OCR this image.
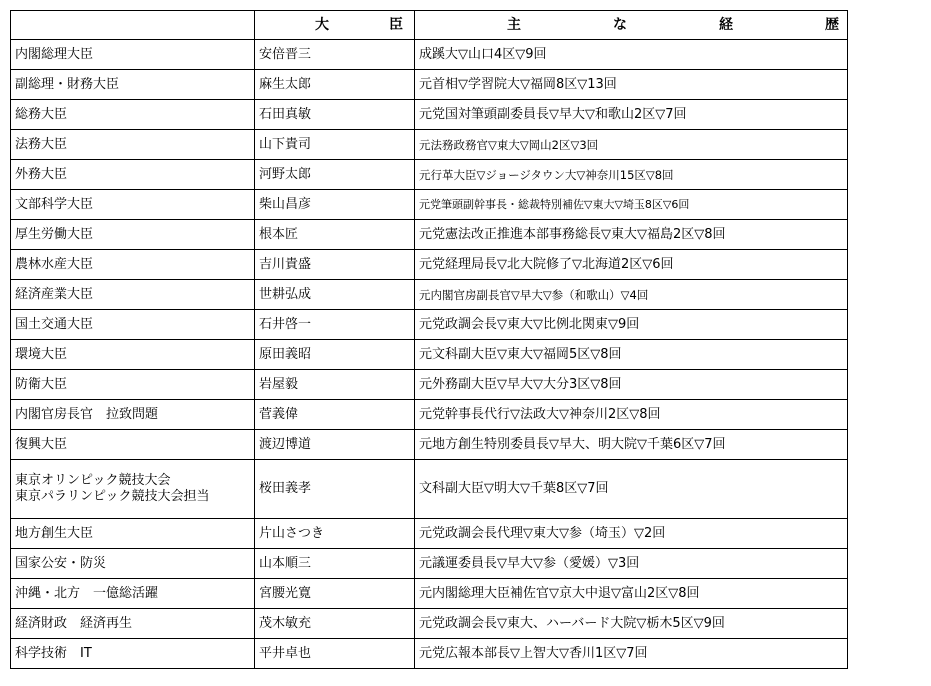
	大臣	主な経歴
内閣総理大臣	安倍晋三	成蹊大▽山口4区▽9回
副総理・財務大臣	麻生太郎	元首相▽学習院大▽福岡8区▽13回
総務大臣	石田真敏	元党国対筆頭副委員長▽早大▽和歌山2区▽7回
法務大臣	山下貴司	元法務政務官▽東大▽岡山2区▽3回
外務大臣	河野太郎	元行革大臣▽ジョージタウン大▽神奈川15区▽8回
文部科学大臣	柴山昌彦	元党筆頭副幹事長・総裁特別補佐▽東大▽埼玉8区▽6回
厚生労働大臣	根本匠	元党憲法改正推進本部事務総長▽東大▽福島2区▽8回
農林水産大臣	吉川貴盛	元党経理局長▽北大院修了▽北海道2区▽6回
経済産業大臣	世耕弘成	元内閣官房副長官▽早大▽参（和歌山）▽4回
国土交通大臣	石井啓一	元党政調会長▽東大▽比例北関東▽9回
環境大臣	原田義昭	元文科副大臣▽東大▽福岡5区▽8回
防衛大臣	岩屋毅	元外務副大臣▽早大▽大分3区▽8回
内閣官房長官　拉致問題	菅義偉	元党幹事長代行▽法政大▽神奈川2区▽8回
復興大臣	渡辺博道	元地方創生特別委員長▽早大、明大院▽千葉6区▽7回
東京オリンピック競技大会
東京パラリンピック競技大会担当	桜田義孝	文科副大臣▽明大▽千葉8区▽7回
地方創生大臣	片山さつき	元党政調会長代理▽東大▽参（埼玉）▽2回
国家公安・防災	山本順三	元議運委員長▽早大▽参（愛媛）▽3回
沖縄・北方　一億総活躍	宮腰光寛	元内閣総理大臣補佐官▽京大中退▽富山2区▽8回
経済財政　経済再生	茂木敏充	元党政調会長▽東大、ハーバード大院▽栃木5区▽9回
科学技術　IT	平井卓也	元党広報本部長▽上智大▽香川1区▽7回
